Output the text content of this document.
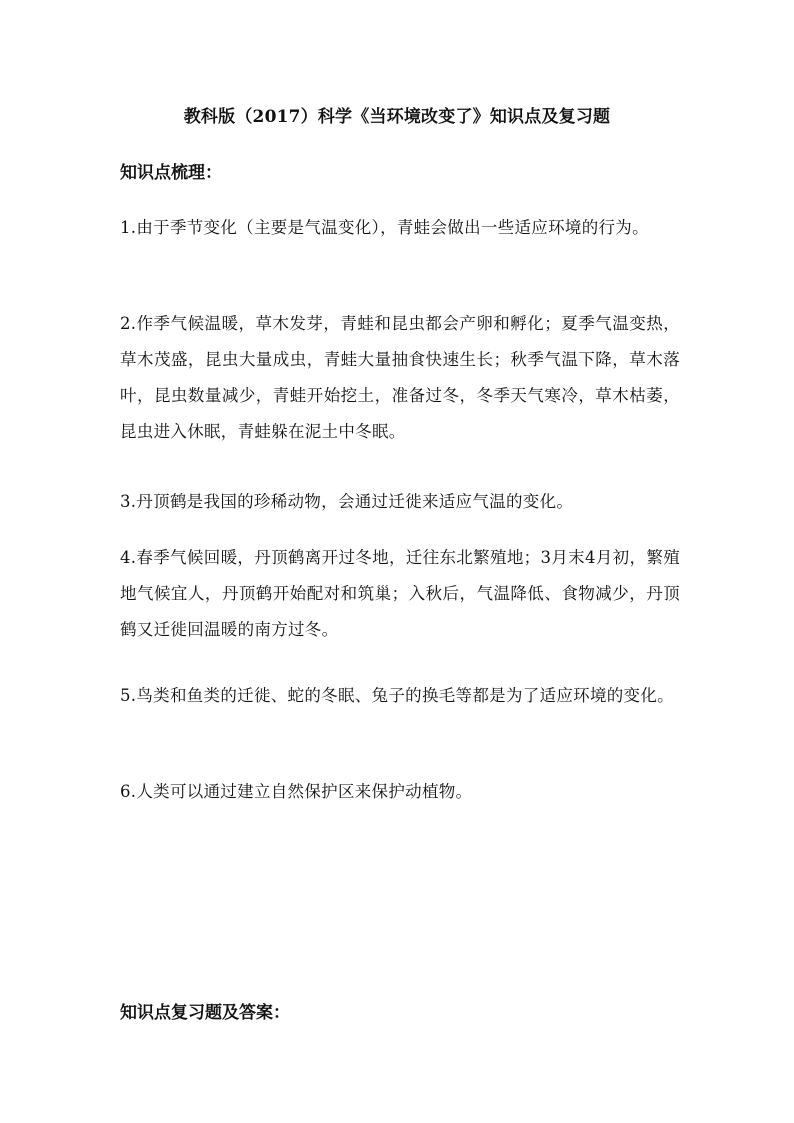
教科版（2017）科学《当环境改变了》知识点及复习题
知识点梳理：
1.由于季节变化（主要是气温变化），青蛙会做出一些适应环境的行为。
2.作季气候温暖，草木发芽，青蛙和昆虫都会产卵和孵化；夏季气温变热，草木茂盛，昆虫大量成虫，青蛙大量抽食快速生长；秋季气温下降，草木落叶，昆虫数量减少，青蛙开始挖土，准备过冬，冬季天气寒冷，草木枯萎，昆虫进入休眠，青蛙躲在泥土中冬眠。
3.丹顶鹤是我国的珍稀动物，会通过迁徙来适应气温的变化。
4.春季气候回暖，丹顶鹤离开过冬地，迁往东北繁殖地；3月末4月初，繁殖地气候宜人，丹顶鹤开始配对和筑巢；入秋后，气温降低、食物减少，丹顶鹤又迁徙回温暖的南方过冬。
5.鸟类和鱼类的迁徙、蛇的冬眠、兔子的换毛等都是为了适应环境的变化。
6.人类可以通过建立自然保护区来保护动植物。
知识点复习题及答案：
